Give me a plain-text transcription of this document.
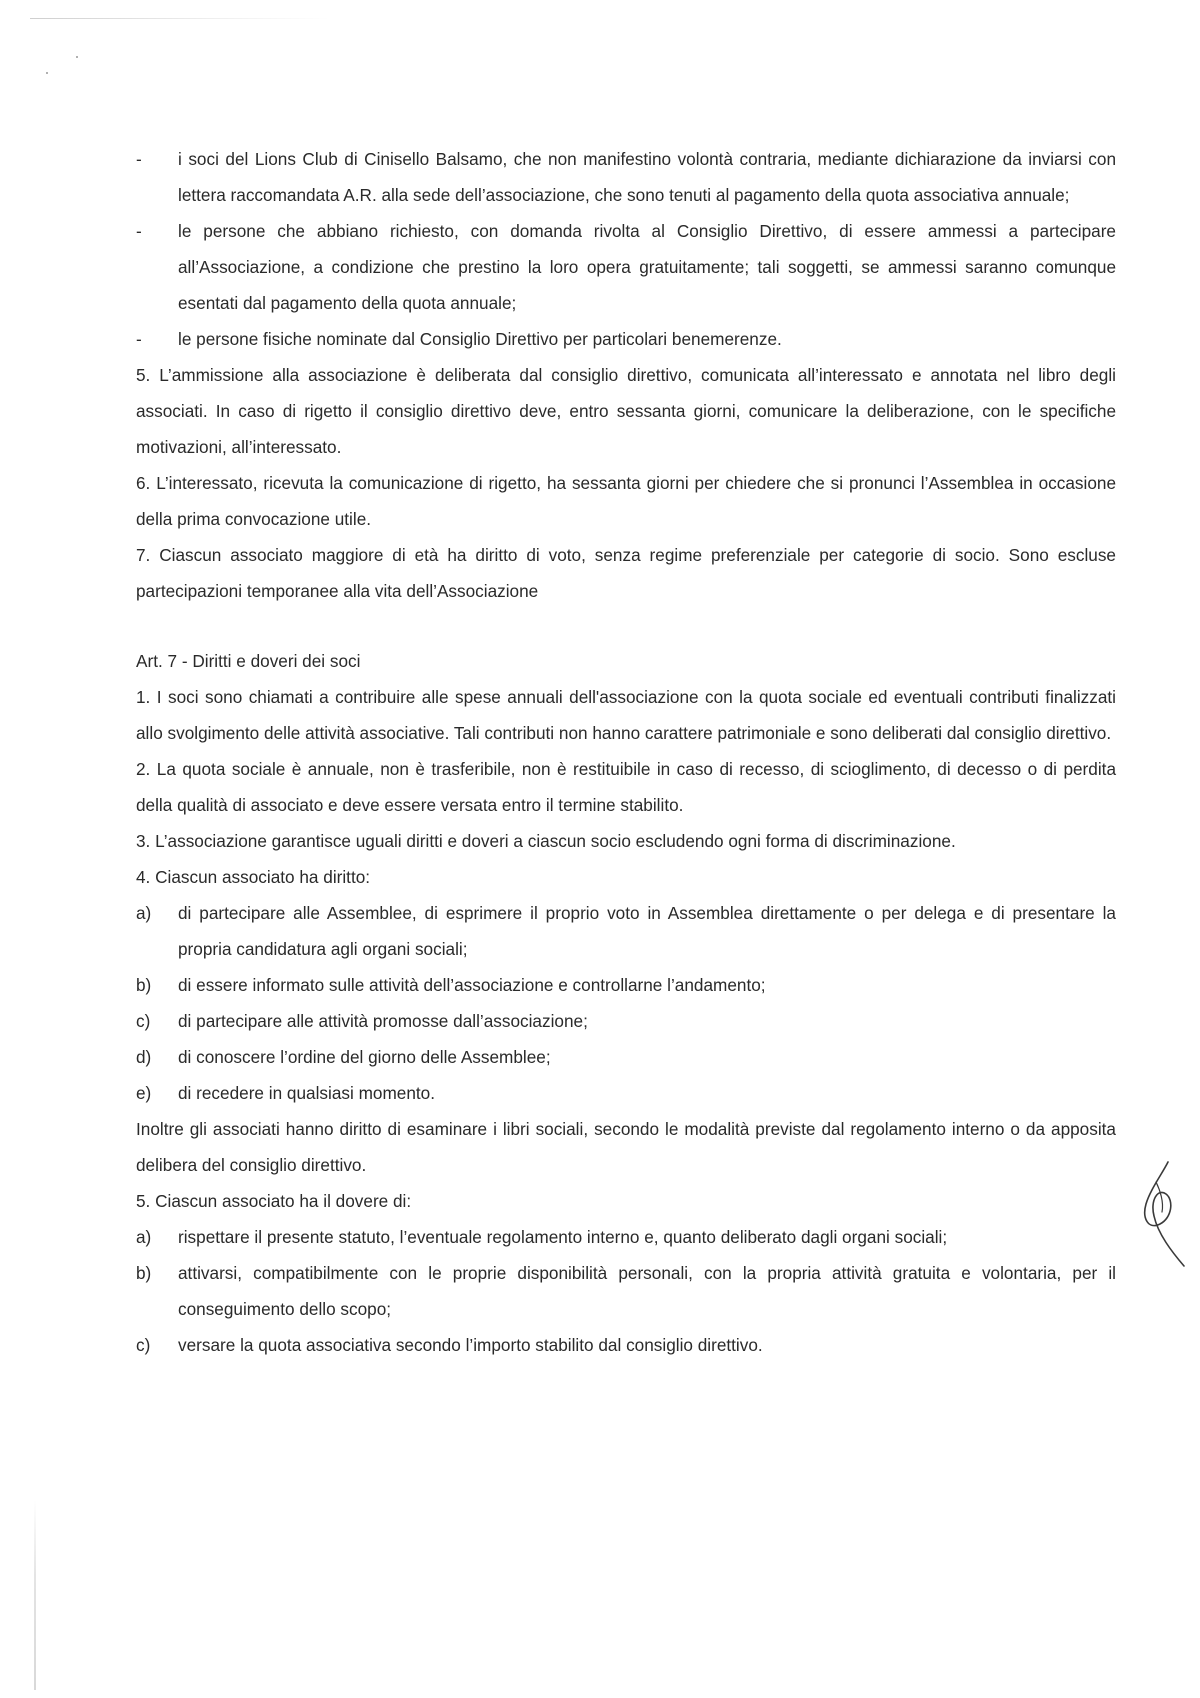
- i soci del Lions Club di Cinisello Balsamo, che non manifestino volontà contraria, mediante dichiarazione da inviarsi con lettera raccomandata A.R. alla sede dell’associazione, che sono tenuti al pagamento della quota associativa annuale;

- le persone che abbiano richiesto, con domanda rivolta al Consiglio Direttivo, di essere ammessi a partecipare all’Associazione, a condizione che prestino la loro opera gratuitamente; tali soggetti, se ammessi saranno comunque esentati dal pagamento della quota annuale;

- le persone fisiche nominate dal Consiglio Direttivo per particolari benemerenze.

5. L’ammissione alla associazione è deliberata dal consiglio direttivo, comunicata all’interessato e annotata nel libro degli associati. In caso di rigetto il consiglio direttivo deve, entro sessanta giorni, comunicare la deliberazione, con le specifiche motivazioni, all’interessato.

6. L’interessato, ricevuta la comunicazione di rigetto, ha sessanta giorni per chiedere che si pronunci l’Assemblea in occasione della prima convocazione utile.

7. Ciascun associato maggiore di età ha diritto di voto, senza regime preferenziale per categorie di socio. Sono escluse partecipazioni temporanee alla vita dell’Associazione

Art. 7 - Diritti e doveri dei soci

1. I soci sono chiamati a contribuire alle spese annuali dell'associazione con la quota sociale ed eventuali contributi finalizzati allo svolgimento delle attività associative. Tali contributi non hanno carattere patrimoniale e sono deliberati dal consiglio direttivo.

2. La quota sociale è annuale, non è trasferibile, non è restituibile in caso di recesso, di scioglimento, di decesso o di perdita della qualità di associato e deve essere versata entro il termine stabilito.

3. L’associazione garantisce uguali diritti e doveri a ciascun socio escludendo ogni forma di discriminazione.

4. Ciascun associato ha diritto:

a) di partecipare alle Assemblee, di esprimere il proprio voto in Assemblea direttamente o per delega e di presentare la propria candidatura agli organi sociali;

b) di essere informato sulle attività dell’associazione e controllarne l’andamento;

c) di partecipare alle attività promosse dall’associazione;

d) di conoscere l’ordine del giorno delle Assemblee;

e) di recedere in qualsiasi momento.

Inoltre gli associati hanno diritto di esaminare i libri sociali, secondo le modalità previste dal regolamento interno o da apposita delibera del consiglio direttivo.

5. Ciascun associato ha il dovere di:

a) rispettare il presente statuto, l’eventuale regolamento interno e, quanto deliberato dagli organi sociali;

b) attivarsi, compatibilmente con le proprie disponibilità personali, con la propria attività gratuita e volontaria, per il conseguimento dello scopo;

c) versare la quota associativa secondo l’importo stabilito dal consiglio direttivo.
